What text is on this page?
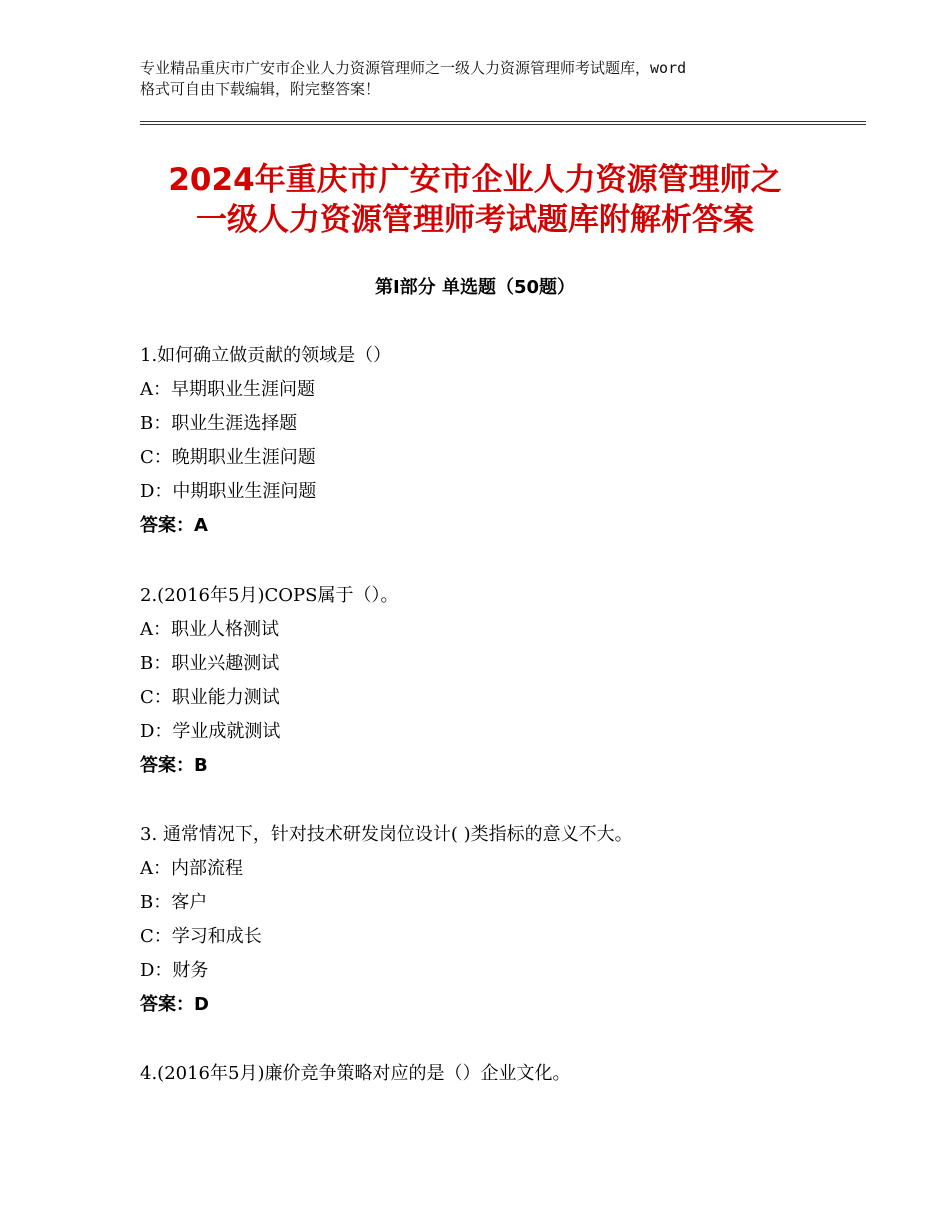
专业精品重庆市广安市企业人力资源管理师之一级人力资源管理师考试题库，word
格式可自由下载编辑，附完整答案！
2024年重庆市广安市企业人力资源管理师之
一级人力资源管理师考试题库附解析答案
第Ⅰ部分 单选题（50题）
1.如何确立做贡献的领域是（）
A：早期职业生涯问题
B：职业生涯选择题
C：晚期职业生涯问题
D：中期职业生涯问题
答案：A
2.(2016年5月)COPS属于（）。
A：职业人格测试
B：职业兴趣测试
C：职业能力测试
D：学业成就测试
答案：B
3. 通常情况下，针对技术研发岗位设计( )类指标的意义不大。
A：内部流程
B：客户
C：学习和成长
D：财务
答案：D
4.(2016年5月)廉价竞争策略对应的是（）企业文化。
